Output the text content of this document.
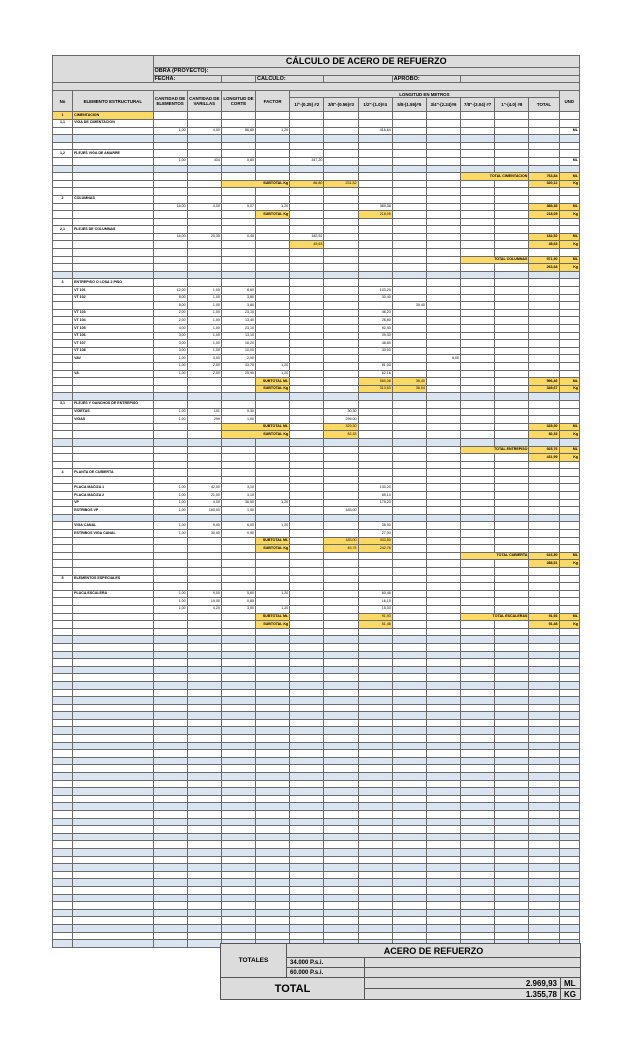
		CÁLCULO DE ACERO DE REFUERZO												
		OBRA (PROYECTO):												
		FECHA:			CALCULÓ:				APROBÓ:					

No	ELEMENTO ESTRUCTURAL	CANTIDAD DE ELEMENTOS	CANTIDAD DE VARILLAS	LONGITUD DE CORTE	FACTOR	LONGITUD EN METROS								UND
						1/"-(0.25) #2	3/8"-(0.56)#3	1/2"-(1.0)#4	5/8-(1.55)#5	3/4"-(2.24)#6	7/8"-(3.04) #7	1"-(4.0) #8	TOTAL	
1	CIMENTACION													
1,1	VIGA DE CIMENTACION													
		1,00	4,00	86,80	1,20			416,64						ML

1,2	FLEJES VIGA DE AMARRE													
		1,00	434	0,80		347,20								ML

											TOTAL CIMENTACION		763,84	ML
				SUBTOTAL Kg		86,80	231,52						320,12	Kg

2	COLUMNAS													
		16,00	4,00	5,07	1,20			389,38					389,38	ML
					SUBTOTAL Kg			218,05					218,05	Kg

2,1	FLEJES DE COLUMNAS													
		16,00	25,35	0,45		182,52							182,52	ML
						45,63							45,63	Kg

											TOTAL COLUMNAS		571,90	ML
													263,68	Kg

3	ENTREPISO O LOSA 2 PISO													
	VT 101	12,00	1,00	8,60				103,20						
	VT 102	8,00	1,00	3,80				30,40						
		8,00	1,00	3,80					30,40					
	VT 103	2,00	1,00	23,10				46,20						
	VT 104	2,00	1,00	13,40				26,80						
	VT 105	4,00	1,00	23,10				92,40						
	VT 106	3,00	1,00	13,10				39,30						
	VT 107	3,00	1,00	16,20				48,60						
	VT 108	3,00	1,00	10,00				30,00						
	VAV	1,00	3,00	2,00						6,00				
		1,00	2,00	33,75	1,20			81,00						
	VA	1,00	2,00	25,90	1,20			62,16						
					SUBTOTAL ML			560,06	36,40				596,46	ML
					SUBTOTAL Kg			313,63	36,04				349,67	Kg

3,1	FLEJES Y GANCHOS DE ENTREPISO													
	VIGETAS	1,00	101	0,30			30,30							
	VIGAS	1,00	299	1,00			299,00							
				SUBTOTAL ML			329,30						329,30	ML
				SUBTOTAL Kg			82,33						82,33	Kg

											TOTAL ENTREPISO		925,76	ML
													431,99	Kg

4	PLANTA DE CUBIERTA													

	PLACA MACIZA 1	1,00	42,00	3,10				130,20						
	PLACA MACIZA 2	1,00	21,00	3,10				65,10						
	VP	1,00	4,00	36,50	1,20			175,20						
	ESTRIBOS VP	1,00	183,00	1,00			183,00							

	VIGA CANAL	1,00	5,00	6,00	1,20			36,00						
	ESTRIBOS VIGA CANAL	1,00	30,00	0,90				27,00						
					SUBTOTAL ML		183,00	433,50						
					SUBTOTAL Kg		45,75	242,76						
											TOTAL CUBIERTA		616,50	ML
													288,51	Kg

5	ELEMENTOS ESPECIALES													

	PLACA ESCALERA	1,00	9,00	5,60	1,20			60,48						
		1,00	19,00	0,85				16,15						
		1,00	4,20	3,00	1,20			15,30						
					SUBTOTAL ML			91,93			TOTAL ESCALERAS		91,93	ML
					SUBTOTAL Kg			51,48					51,48	Kg

TOTALES	ACERO DE REFUERZO		
	34.000 P.s.i.		
	60.000 P.s.i.		
TOTAL		2.969,93	ML
		1.355,78	KG
